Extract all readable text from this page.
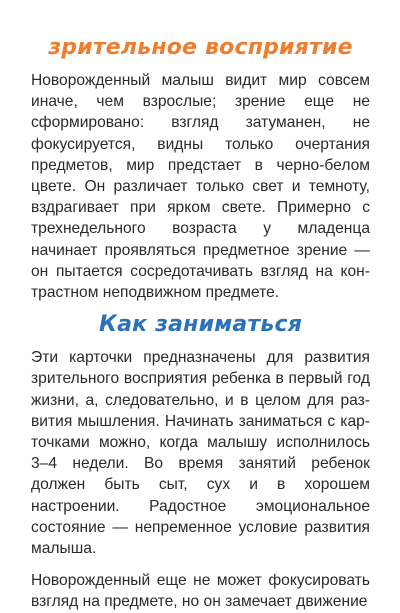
зрительное восприятие

Новорожденный малыш видит мир совсем иначе, чем взрослые; зрение еще не сформировано: взгляд затуманен, не фокусируется, видны только очертания предметов, мир предстает в черно-белом цвете. Он различает только свет и темноту, вздрагивает при ярком свете. Примерно с трехнедельного возраста у младенца начинает проявляться предметное зрение — он пытается сосредотачивать взгляд на контрастном неподвижном предмете.

Как заниматься

Эти карточки предназначены для развития зрительного восприятия ребенка в первый год жизни, а, следовательно, и в целом для развития мышления. Начинать заниматься с карточками можно, когда малышу исполнилось 3–4 недели. Во время занятий ребенок должен быть сыт, сух и в хорошем настроении. Радостное эмоциональное состояние — непременное условие развития малыша.

Новорожденный еще не может фокусировать взгляд на предмете, но он замечает движение
